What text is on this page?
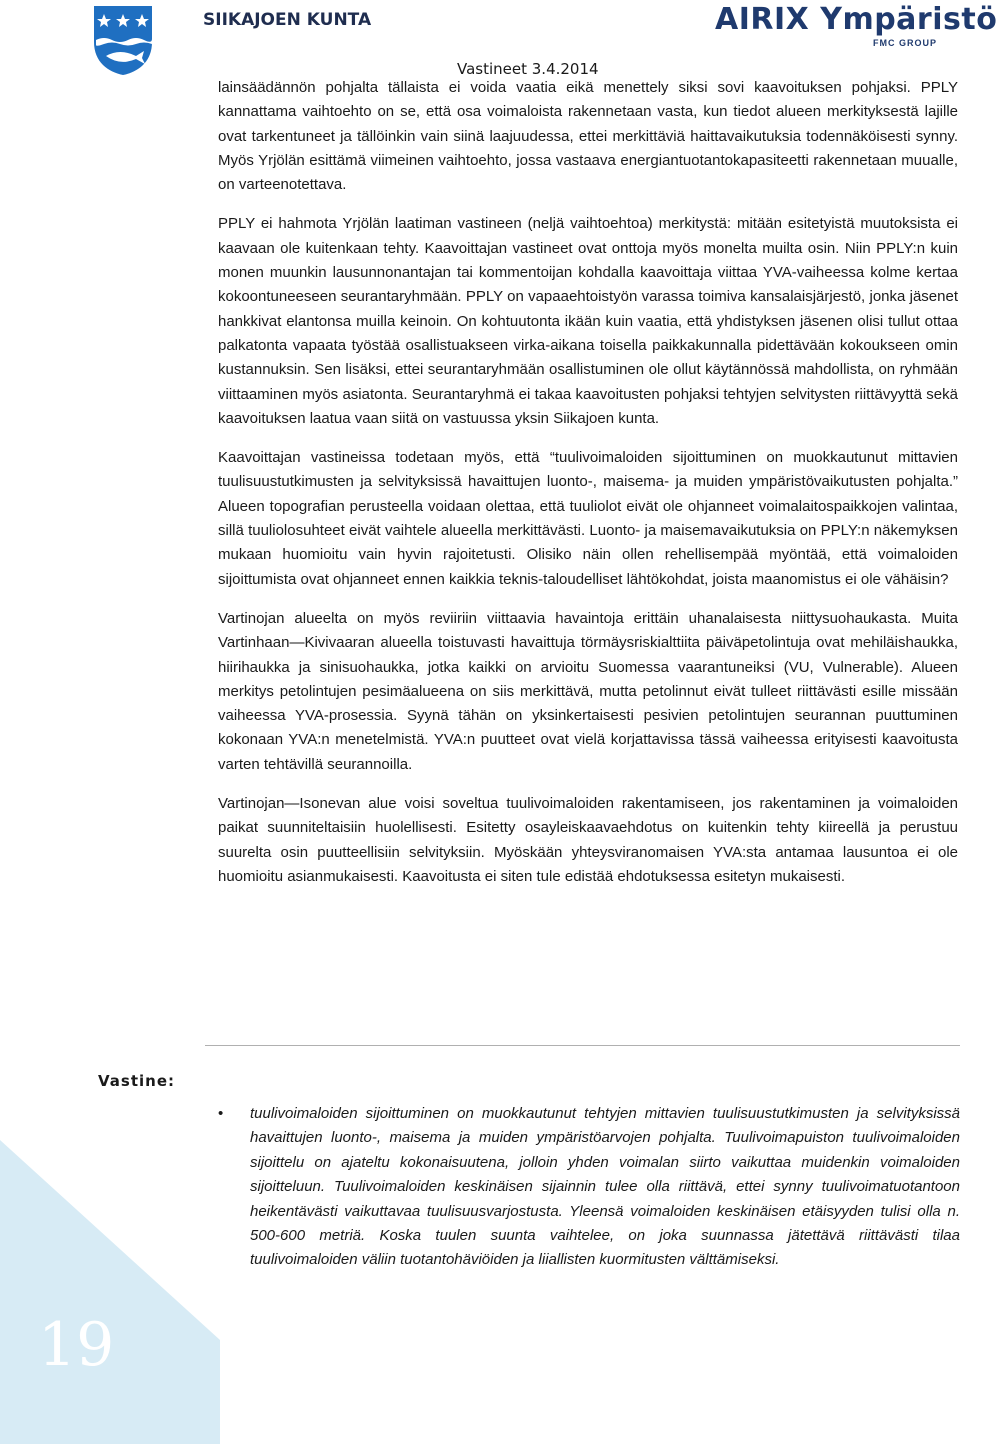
SIIKAJOEN KUNTA	AIRIX Ympäristö
FMC GROUP
Vastineet 3.4.2014

lainsäädännön pohjalta tällaista ei voida vaatia eikä menettely siksi sovi kaavoituksen pohjaksi. PPLY kannattama vaihtoehto on se, että osa voimaloista rakennetaan vasta, kun tiedot alueen merkityksestä lajille ovat tarkentuneet ja tällöinkin vain siinä laajuudessa, ettei merkittäviä haittavaikutuksia todennäköisesti synny. Myös Yrjölän esittämä viimeinen vaihtoehto, jossa vastaava energiantuotantokapasiteetti rakennetaan muualle, on varteenotettava.

PPLY ei hahmota Yrjölän laatiman vastineen (neljä vaihtoehtoa) merkitystä: mitään esitetyistä muutoksista ei kaavaan ole kuitenkaan tehty. Kaavoittajan vastineet ovat onttoja myös monelta muilta osin. Niin PPLY:n kuin monen muunkin lausunnonantajan tai kommentoijan kohdalla kaavoittaja viittaa YVA-vaiheessa kolme kertaa kokoontuneeseen seurantaryhmään. PPLY on vapaaehtoistyön varassa toimiva kansalaisjärjestö, jonka jäsenet hankkivat elantonsa muilla keinoin. On kohtuutonta ikään kuin vaatia, että yhdistyksen jäsenen olisi tullut ottaa palkatonta vapaata työstää osallistuakseen virka-aikana toisella paikkakunnalla pidettävään kokoukseen omin kustannuksin. Sen lisäksi, ettei seurantaryhmään osallistuminen ole ollut käytännössä mahdollista, on ryhmään viittaaminen myös asiatonta. Seurantaryhmä ei takaa kaavoitusten pohjaksi tehtyjen selvitysten riittävyyttä sekä kaavoituksen laatua vaan siitä on vastuussa yksin Siikajoen kunta.

Kaavoittajan vastineissa todetaan myös, että “tuulivoimaloiden sijoittuminen on muokkautunut mittavien tuulisuustutkimusten ja selvityksissä havaittujen luonto-, maisema- ja muiden ympäristövaikutusten pohjalta.” Alueen topografian perusteella voidaan olettaa, että tuuliolot eivät ole ohjanneet voimalaitospaikkojen valintaa, sillä tuuliolosuhteet eivät vaihtele alueella merkittävästi. Luonto- ja maisemavaikutuksia on PPLY:n näkemyksen mukaan huomioitu vain hyvin rajoitetusti. Olisiko näin ollen rehellisempää myöntää, että voimaloiden sijoittumista ovat ohjanneet ennen kaikkia teknis-taloudelliset lähtökohdat, joista maanomistus ei ole vähäisin?

Vartinojan alueelta on myös reviiriin viittaavia havaintoja erittäin uhanalaisesta niittysuohaukasta. Muita Vartinhaan—Kivivaaran alueella toistuvasti havaittuja törmäysriskialttiita päiväpetolintuja ovat mehiläishaukka, hiirihaukka ja sinisuohaukka, jotka kaikki on arvioitu Suomessa vaarantuneiksi (VU, Vulnerable). Alueen merkitys petolintujen pesimäalueena on siis merkittävä, mutta petolinnut eivät tulleet riittävästi esille missään vaiheessa YVA-prosessia. Syynä tähän on yksinkertaisesti pesivien petolintujen seurannan puuttuminen kokonaan YVA:n menetelmistä. YVA:n puutteet ovat vielä korjattavissa tässä vaiheessa erityisesti kaavoitusta varten tehtävillä seurannoilla.

Vartinojan—Isonevan alue voisi soveltua tuulivoimaloiden rakentamiseen, jos rakentaminen ja voimaloiden paikat suunniteltaisiin huolellisesti. Esitetty osayleiskaavaehdotus on kuitenkin tehty kiireellä ja perustuu suurelta osin puutteellisiin selvityksiin. Myöskään yhteysviranomaisen YVA:sta antamaa lausuntoa ei ole huomioitu asianmukaisesti. Kaavoitusta ei siten tule edistää ehdotuksessa esitetyn mukaisesti.

Vastine:
19
• tuulivoimaloiden sijoittuminen on muokkautunut tehtyjen mittavien tuulisuustutkimusten ja selvityksissä havaittujen luonto-, maisema ja muiden ympäristöarvojen pohjalta. Tuulivoimapuiston tuulivoimaloiden sijoittelu on ajateltu kokonaisuutena, jolloin yhden voimalan siirto vaikuttaa muidenkin voimaloiden sijoitteluun. Tuulivoimaloiden keskinäisen sijainnin tulee olla riittävä, ettei synny tuulivoimatuotantoon heikentävästi vaikuttavaa tuulisuusvarjostusta. Yleensä voimaloiden keskinäisen etäisyyden tulisi olla n. 500-600 metriä. Koska tuulen suunta vaihtelee, on joka suunnassa jätettävä riittävästi tilaa tuulivoimaloiden väliin tuotantohäviöiden ja liiallisten kuormitusten välttämiseksi.
